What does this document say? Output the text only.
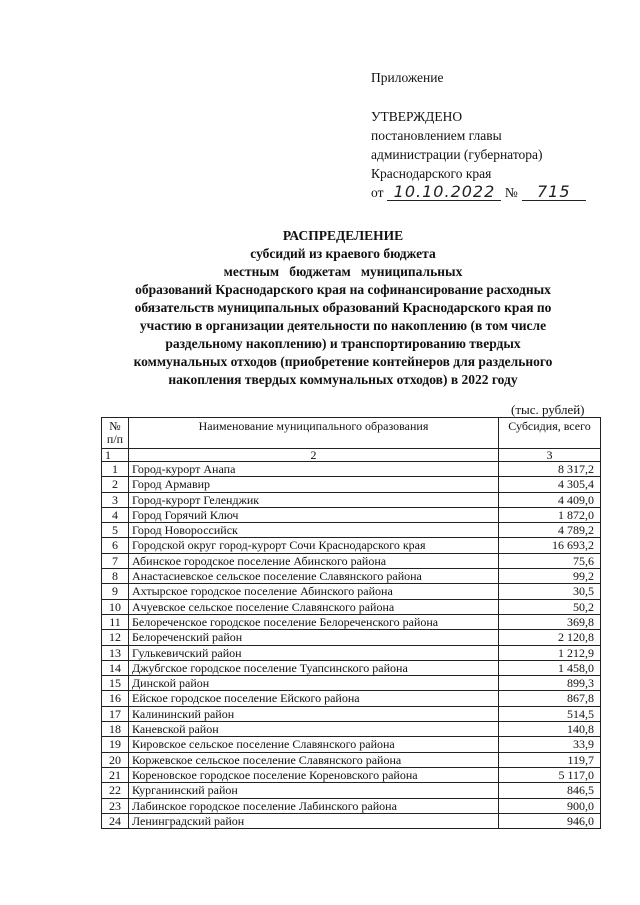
Приложение
УТВЕРЖДЕНО
постановлением главы
администрации (губернатора)
Краснодарского края
от 10.10.2022 № 715
РАСПРЕДЕЛЕНИЕ
субсидий из краевого бюджета
местным   бюджетам   муниципальных
образований Краснодарского края на софинансирование расходных
обязательств муниципальных образований Краснодарского края по
участию в организации деятельности по накоплению (в том числе
раздельному накоплению) и транспортированию твердых
коммунальных отходов (приобретение контейнеров для раздельного
накопления твердых коммунальных отходов) в 2022 году
(тыс. рублей)
№ п/п	Наименование муниципального образования	Субсидия, всего
1	2	3
1	Город-курорт Анапа	8 317,2
2	Город Армавир	4 305,4
3	Город-курорт Геленджик	4 409,0
4	Город Горячий Ключ	1 872,0
5	Город Новороссийск	4 789,2
6	Городской округ город-курорт Сочи Краснодарского края	16 693,2
7	Абинское городское поселение Абинского района	75,6
8	Анастасиевское сельское поселение Славянского района	99,2
9	Ахтырское городское поселение Абинского района	30,5
10	Ачуевское сельское поселение Славянского района	50,2
11	Белореченское городское поселение Белореченского района	369,8
12	Белореченский район	2 120,8
13	Гулькевичский район	1 212,9
14	Джубгское городское поселение Туапсинского района	1 458,0
15	Динской район	899,3
16	Ейское городское поселение Ейского района	867,8
17	Калининский район	514,5
18	Каневской район	140,8
19	Кировское сельское поселение Славянского района	33,9
20	Коржевское сельское поселение Славянского района	119,7
21	Кореновское городское поселение Кореновского района	5 117,0
22	Курганинский район	846,5
23	Лабинское городское поселение Лабинского района	900,0
24	Ленинградский район	946,0
